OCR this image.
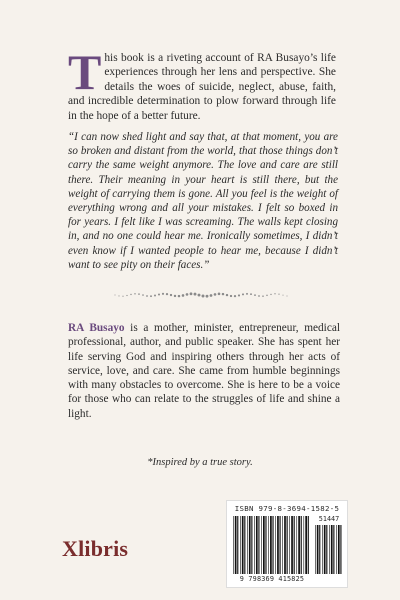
This book is a riveting account of RA Busayo’s life experiences through her lens and perspective. She details the woes of suicide, neglect, abuse, faith, and incredible determination to plow forward through life in the hope of a better future.

“I can now shed light and say that, at that moment, you are so broken and distant from the world, that those things don’t carry the same weight anymore. The love and care are still there. Their meaning in your heart is still there, but the weight of carrying them is gone. All you feel is the weight of everything wrong and all your mistakes. I felt so boxed in for years. I felt like I was screaming. The walls kept closing in, and no one could hear me. Ironically sometimes, I didn’t even know if I wanted people to hear me, because I didn’t want to see pity on their faces.”

RA Busayo is a mother, minister, entrepreneur, medical professional, author, and public speaker. She has spent her life serving God and inspiring others through her acts of service, love, and care. She came from humble beginnings with many obstacles to overcome. She is here to be a voice for those who can relate to the struggles of life and shine a light.

*Inspired by a true story.
Xlibris
ISBN 979-8-3694-1582-5
51447
9 798369 415825
